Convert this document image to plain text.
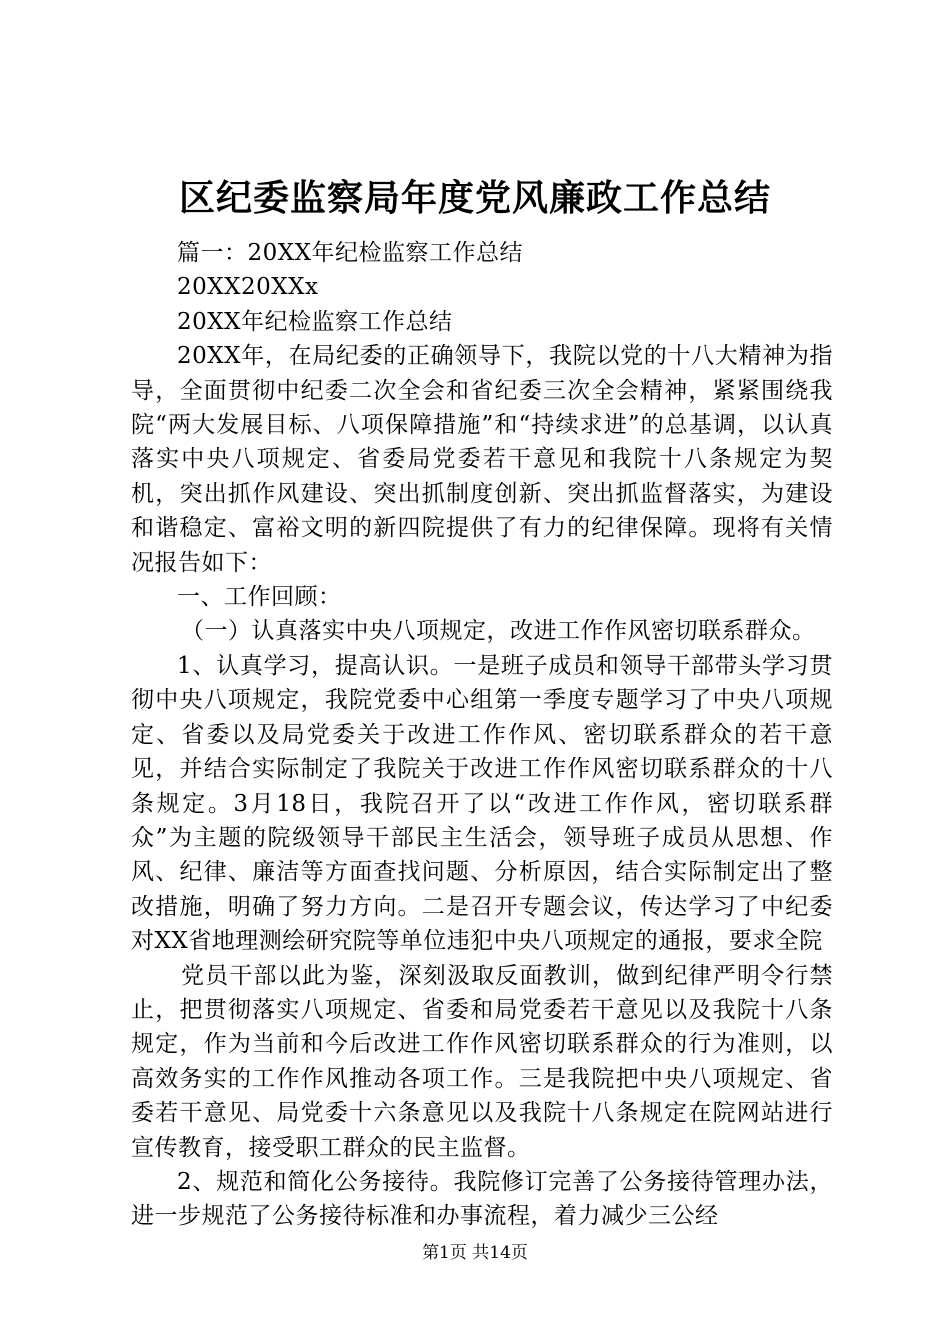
区纪委监察局年度党风廉政工作总结

篇一：20XX年纪检监察工作总结

20XX20XXx

20XX年纪检监察工作总结

20XX年，在局纪委的正确领导下，我院以党的十八大精神为指导，全面贯彻中纪委二次全会和省纪委三次全会精神，紧紧围绕我院“两大发展目标、八项保障措施”和“持续求进”的总基调，以认真落实中央八项规定、省委局党委若干意见和我院十八条规定为契机，突出抓作风建设、突出抓制度创新、突出抓监督落实，为建设和谐稳定、富裕文明的新四院提供了有力的纪律保障。现将有关情况报告如下：

一、工作回顾：

（一）认真落实中央八项规定，改进工作作风密切联系群众。

1、认真学习，提高认识。一是班子成员和领导干部带头学习贯彻中央八项规定，我院党委中心组第一季度专题学习了中央八项规定、省委以及局党委关于改进工作作风、密切联系群众的若干意见，并结合实际制定了我院关于改进工作作风密切联系群众的十八条规定。3月18日，我院召开了以“改进工作作风，密切联系群众”为主题的院级领导干部民主生活会，领导班子成员从思想、作风、纪律、廉洁等方面查找问题、分析原因，结合实际制定出了整改措施，明确了努力方向。二是召开专题会议，传达学习了中纪委对XX省地理测绘研究院等单位违犯中央八项规定的通报，要求全院

党员干部以此为鉴，深刻汲取反面教训，做到纪律严明令行禁止，把贯彻落实八项规定、省委和局党委若干意见以及我院十八条规定，作为当前和今后改进工作作风密切联系群众的行为准则，以高效务实的工作作风推动各项工作。三是我院把中央八项规定、省委若干意见、局党委十六条意见以及我院十八条规定在院网站进行宣传教育，接受职工群众的民主监督。

2、规范和简化公务接待。我院修订完善了公务接待管理办法，进一步规范了公务接待标准和办事流程，着力减少三公经

第1页 共14页
